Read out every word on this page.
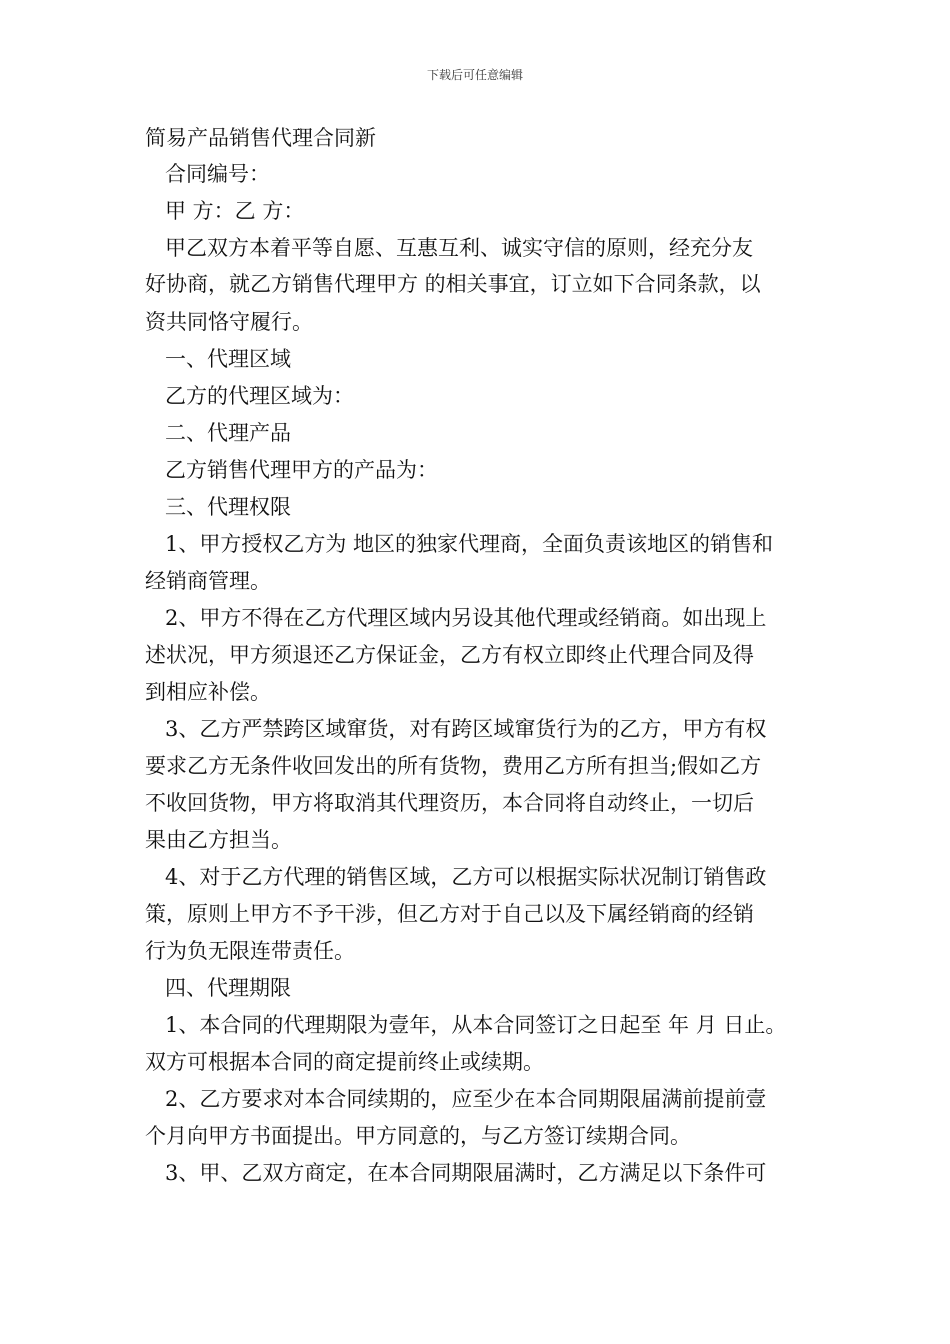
下载后可任意编辑
简易产品销售代理合同新
合同编号：
甲 方：乙 方：
甲乙双方本着平等自愿、互惠互利、诚实守信的原则，经充分友
好协商，就乙方销售代理甲方 的相关事宜，订立如下合同条款，以
资共同恪守履行。
一、代理区域
乙方的代理区域为：
二、代理产品
乙方销售代理甲方的产品为：
三、代理权限
1、甲方授权乙方为 地区的独家代理商，全面负责该地区的销售和
经销商管理。
2、甲方不得在乙方代理区域内另设其他代理或经销商。如出现上
述状况，甲方须退还乙方保证金，乙方有权立即终止代理合同及得
到相应补偿。
3、乙方严禁跨区域窜货，对有跨区域窜货行为的乙方，甲方有权
要求乙方无条件收回发出的所有货物，费用乙方所有担当;假如乙方
不收回货物，甲方将取消其代理资历，本合同将自动终止，一切后
果由乙方担当。
4、对于乙方代理的销售区域，乙方可以根据实际状况制订销售政
策，原则上甲方不予干涉，但乙方对于自己以及下属经销商的经销
行为负无限连带责任。
四、代理期限
1、本合同的代理期限为壹年，从本合同签订之日起至 年 月 日止。
双方可根据本合同的商定提前终止或续期。
2、乙方要求对本合同续期的，应至少在本合同期限届满前提前壹
个月向甲方书面提出。甲方同意的，与乙方签订续期合同。
3、甲、乙双方商定，在本合同期限届满时，乙方满足以下条件可
